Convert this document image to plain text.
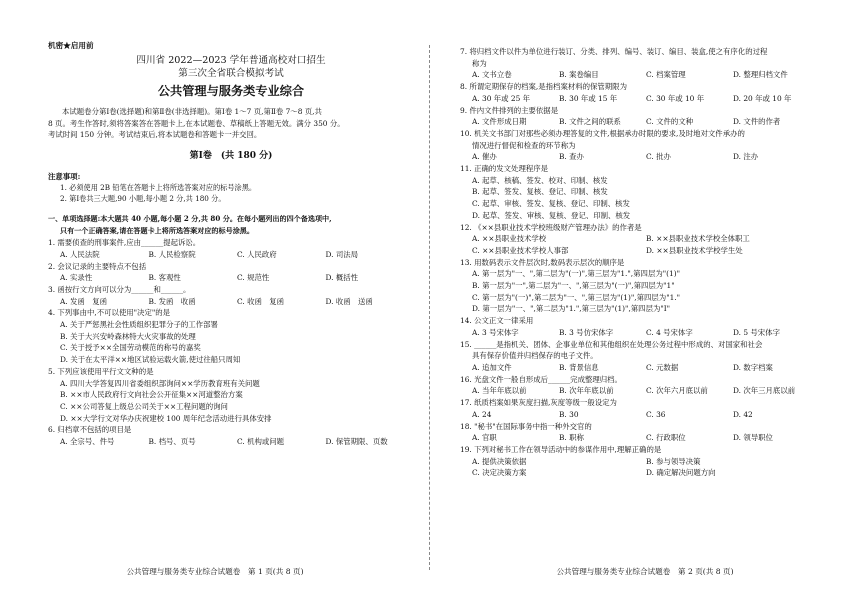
机密★启用前
四川省 2022—2023 学年普通高校对口招生
第三次全省联合模拟考试
公共管理与服务类专业综合
本试题卷分第Ⅰ卷(选择题)和第Ⅱ卷(非选择题)。第Ⅰ卷 1～7 页,第Ⅱ卷 7～8 页,共
8 页。考生作答时,须将答案答在答题卡上,在本试题卷、草稿纸上答题无效。满分 350 分。
考试时间 150 分钟。考试结束后,将本试题卷和答题卡一并交回。
第Ⅰ卷　(共 180 分)
注意事项:
1. 必须使用 2B 铅笔在答题卡上将所选答案对应的标号涂黑。
2. 第Ⅰ卷共三大题,90 小题,每小题 2 分,共 180 分。
一、单项选择题:本大题共 40 小题,每小题 2 分,共 80 分。在每小题列出的四个备选项中,
只有一个正确答案,请在答题卡上将所选答案对应的标号涂黑。
1. 需要侦查的刑事案件,应由______提起诉讼。
A. 人民法院	B. 人民检察院	C. 人民政府	D. 司法局
2. 会议记录的主要特点不包括
A. 实录性	B. 客观性	C. 规范性	D. 概括性
3. 函按行文方向可以分为______和______。
A. 发函　复函	B. 发函　收函	C. 收函　复函	D. 收函　送函
4. 下列事由中,不可以使用"决定"的是
A. 关于严惩黑社会性质组织犯罪分子的工作部署
B. 关于大兴安岭森林特大火灾事故的处理
C. 关于授予××全国劳动模范的称号的嘉奖
D. 关于在太平洋××地区试验运载火箭,使过往船只周知
5. 下列应该使用平行文文种的是
A. 四川大学答复四川省委组织部询问××学历教育班有关问题
B. ××市人民政府行文向社会公开征集××河道整治方案
C. ××公司答复上级总公司关于××工程问题的询问
D. ××大学行文对华办庆祝建校 100 周年纪念活动进行具体安排
6. 归档章不包括的项目是
A. 全宗号、件号	B. 档号、页号	C. 机构或问题	D. 保管期限、页数
公共管理与服务类专业综合试题卷　第 1 页(共 8 页)
7. 将归档文件以件为单位进行装订、分类、排列、编号、装订、编目、装盒,使之有序化的过程
称为
A. 文书立卷	B. 案卷编目	C. 档案管理	D. 整理归档文件
8. 所谓定期保存的档案,是指档案材料的保管期限为
A. 30 年或 25 年	B. 30 年或 15 年	C. 30 年或 10 年	D. 20 年或 10 年
9. 件内文件排列的主要依据是
A. 文件形成日期	B. 文件之间的联系	C. 文件的文种	D. 文件的作者
10. 机关文书部门对那些必须办理答复的文件,根据承办时限的要求,及时地对文件承办的
情况进行督促和检查的环节称为
A. 催办	B. 查办	C. 批办	D. 注办
11. 正确的发文处理程序是
A. 起草、核稿、签发、校对、印制、核发
B. 起草、签发、复核、登记、印制、核发
C. 起草、审核、签发、复核、登记、印制、核发
D. 起草、签发、审核、复核、登记、印制、核发
12. 《××县职业技术学校班级财产管理办法》的作者是
A. ××县职业技术学校	B. ××县职业技术学校全体职工
C. ××县职业技术学校人事部	D. ××县职业技术学校学生处
13. 用数码表示文件层次时,数码表示层次的顺序是
A. 第一层为"一、",第二层为"(一)",第三层为"1.",第四层为"(1)"
B. 第一层为"一",第二层为"一、",第三层为"(一)",第四层为"1"
C. 第一层为"(一)",第二层为"一、",第三层为"(1)",第四层为"1."
D. 第一层为"一、",第二层为"1.",第三层为"(1)",第四层为"I"
14. 公文正文一律采用
A. 3 号宋体字	B. 3 号仿宋体字	C. 4 号宋体字	D. 5 号宋体字
15. ______是指机关、团体、企事业单位和其他组织在处理公务过程中形成的、对国家和社会
具有保存价值并归档保存的电子文件。
A. 追加文件	B. 背景信息	C. 元数据	D. 数字档案
16. 光盘文件一般自形成后______完成整理归档。
A. 当年年底以前	B. 次年年底以前	C. 次年六月底以前	D. 次年三月底以前
17. 纸质档案如果灰度扫描,灰度等级一般设定为
A. 24	B. 30	C. 36	D. 42
18. "秘书"在国际事务中指一种外交官的
A. 官职	B. 职称	C. 行政职位	D. 领导职位
19. 下列对秘书工作在领导活动中的参谋作用中,理解正确的是
A. 提供决策依据	B. 参与领导决策
C. 决定决策方案	D. 确定解决问题方向
公共管理与服务类专业综合试题卷　第 2 页(共 8 页)
